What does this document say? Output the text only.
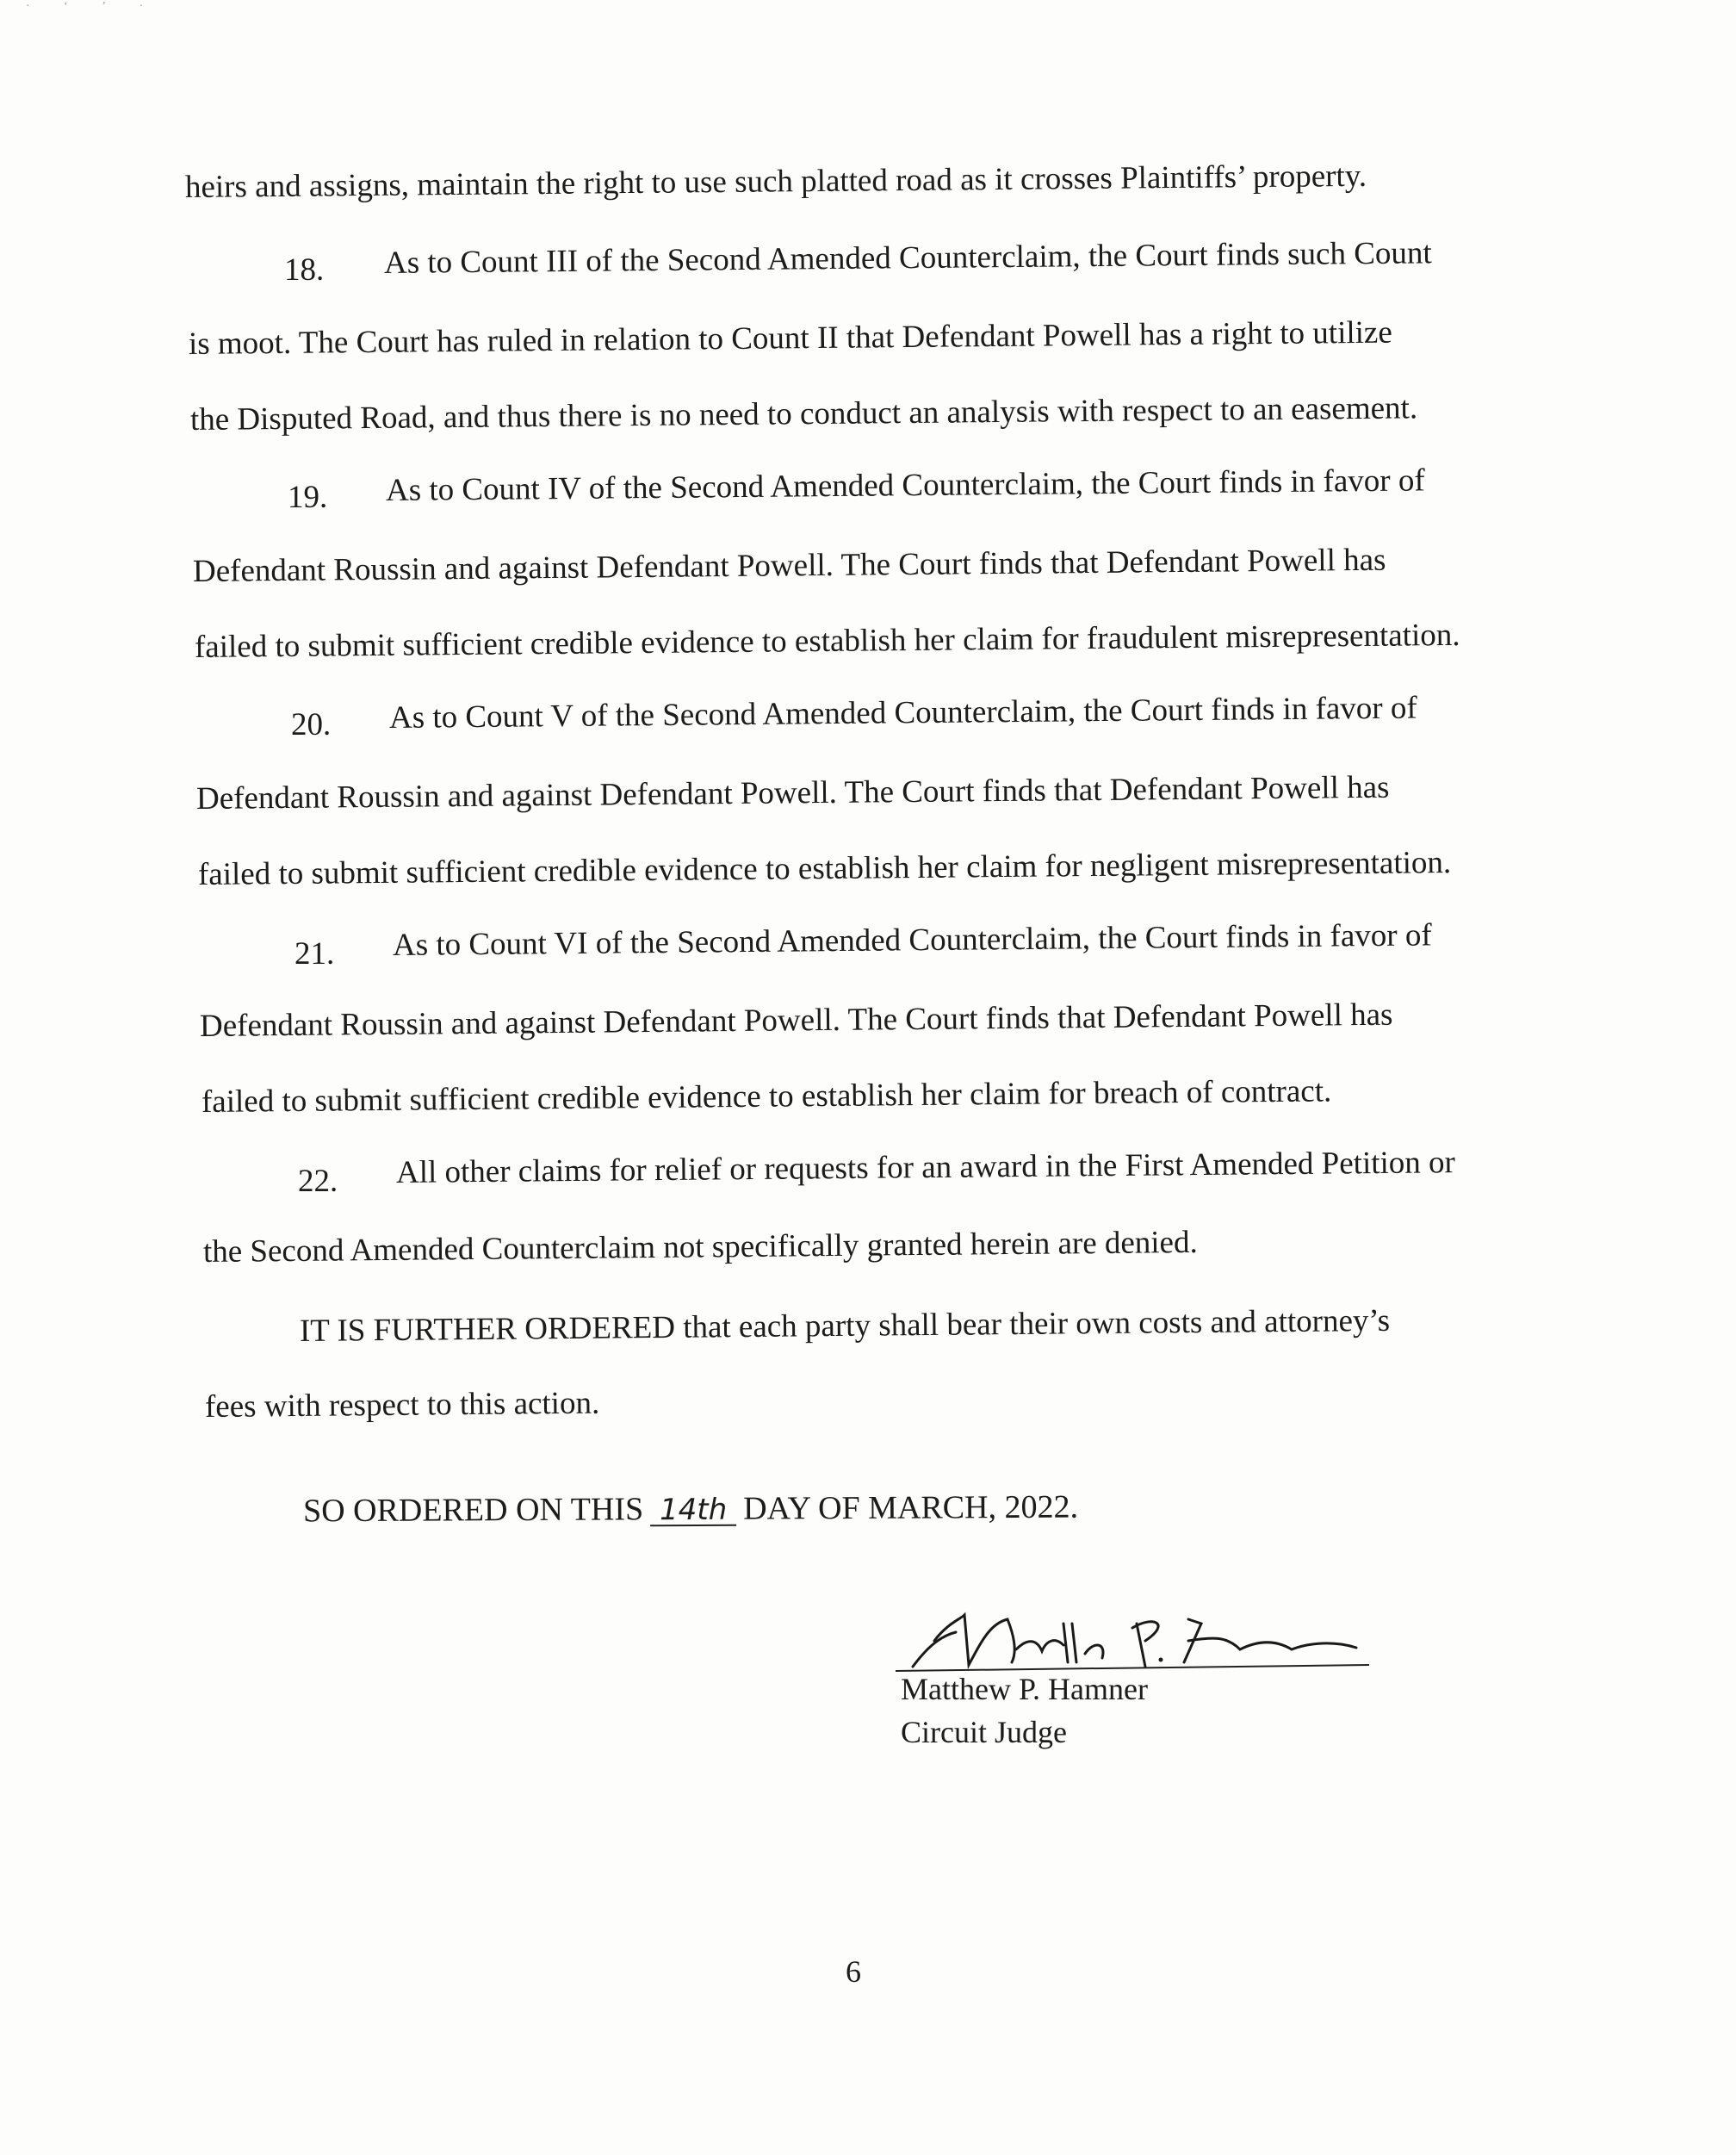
· ‘ ’ ·
heirs and assigns, maintain the right to use such platted road as it crosses Plaintiffs’ property.
18. As to Count III of the Second Amended Counterclaim, the Court finds such Count
is moot. The Court has ruled in relation to Count II that Defendant Powell has a right to utilize
the Disputed Road, and thus there is no need to conduct an analysis with respect to an easement.
19. As to Count IV of the Second Amended Counterclaim, the Court finds in favor of
Defendant Roussin and against Defendant Powell. The Court finds that Defendant Powell has
failed to submit sufficient credible evidence to establish her claim for fraudulent misrepresentation.
20. As to Count V of the Second Amended Counterclaim, the Court finds in favor of
Defendant Roussin and against Defendant Powell. The Court finds that Defendant Powell has
failed to submit sufficient credible evidence to establish her claim for negligent misrepresentation.
21. As to Count VI of the Second Amended Counterclaim, the Court finds in favor of
Defendant Roussin and against Defendant Powell. The Court finds that Defendant Powell has
failed to submit sufficient credible evidence to establish her claim for breach of contract.
22. All other claims for relief or requests for an award in the First Amended Petition or
the Second Amended Counterclaim not specifically granted herein are denied.
IT IS FURTHER ORDERED that each party shall bear their own costs and attorney’s
fees with respect to this action.
SO ORDERED ON THIS 14th DAY OF MARCH, 2022.
Matthew P. Hamner
Circuit Judge
6
